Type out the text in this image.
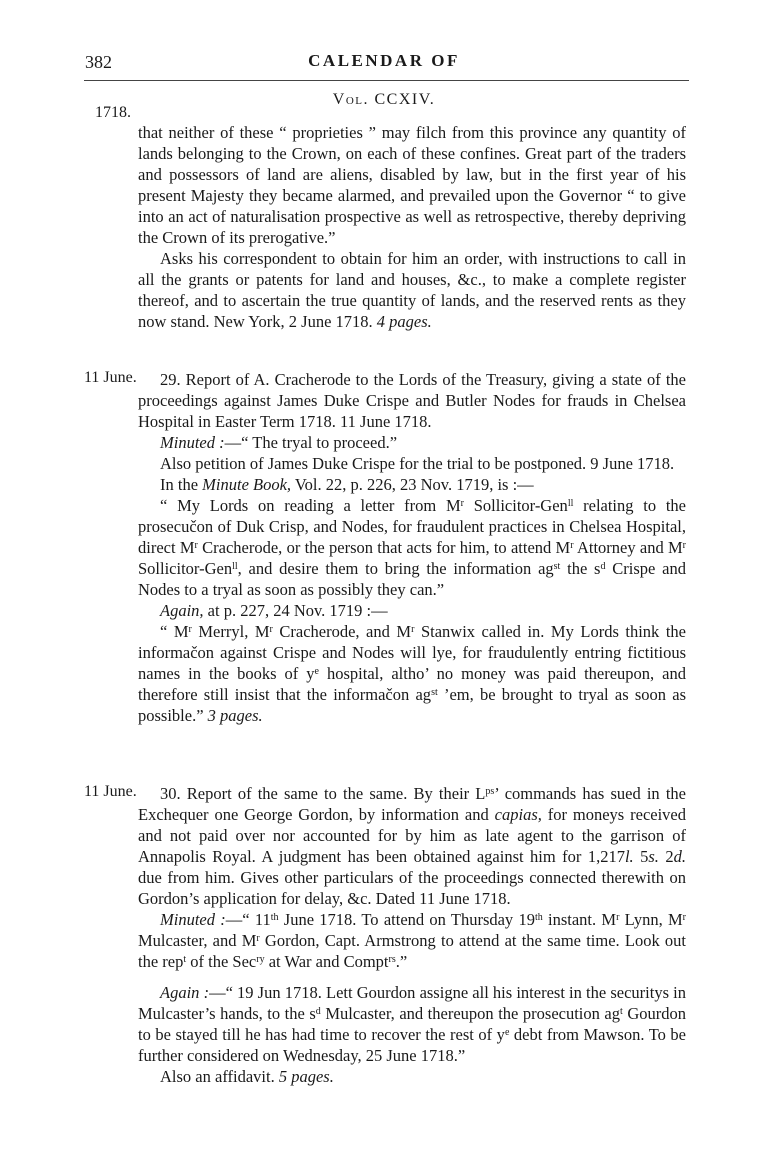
382	CALENDAR OF
Vol. CCXIV.
1718.

that neither of these “ proprieties ” may filch from this province any quantity of lands belonging to the Crown, on each of these confines. Great part of the traders and possessors of land are aliens, disabled by law, but in the first year of his present Majesty they became alarmed, and prevailed upon the Governor “ to give into an act of naturalisation prospective as well as retrospective, thereby depriving the Crown of its prerogative.”

Asks his correspondent to obtain for him an order, with instructions to call in all the grants or patents for land and houses, &c., to make a complete register thereof, and to ascertain the true quantity of lands, and the reserved rents as they now stand. New York, 2 June 1718. 4 pages.

11 June.	29. Report of A. Cracherode to the Lords of the Treasury, giving a state of the proceedings against James Duke Crispe and Butler Nodes for frauds in Chelsea Hospital in Easter Term 1718. 11 June 1718.

Minuted :—“ The tryal to proceed.”

Also petition of James Duke Crispe for the trial to be postponed. 9 June 1718.

In the Minute Book, Vol. 22, p. 226, 23 Nov. 1719, is :—

“ My Lords on reading a letter from $M^r$ Sollicitor-Gen$^{ll}$ relating to the prosecučon of Duk Crisp, and Nodes, for fraudulent practices in Chelsea Hospital, direct $M^r$ Cracherode, or the person that acts for him, to attend $M^r$ Attorney and $M^r$ Sollicitor-Gen$^{ll}$, and desire them to bring the information $ag^{st}$ the $s^d$ Crispe and Nodes to a tryal as soon as possibly they can.”

Again, at p. 227, 24 Nov. 1719 :—

“ $M^r$ Merryl, $M^r$ Cracherode, and $M^r$ Stanwix called in. My Lords think the informačon against Crispe and Nodes will lye, for fraudulently entring fictitious names in the books of $y^e$ hospital, altho’ no money was paid thereupon, and therefore still insist that the informačon $ag^{st}$ ’em, be brought to tryal as soon as possible.” 3 pages.

11 June.	30. Report of the same to the same. By their $L^{ps}$’ commands has sued in the Exchequer one George Gordon, by information and capias, for moneys received and not paid over nor accounted for by him as late agent to the garrison of Annapolis Royal. A judgment has been obtained against him for 1,217l. 5s. 2d. due from him. Gives other particulars of the proceedings connected therewith on Gordon’s application for delay, &c. Dated 11 June 1718.

Minuted :—“ 11th June 1718. To attend on Thursday 19th instant. $M^r$ Lynn, $M^r$ Mulcaster, and $M^r$ Gordon, Capt. Armstrong to attend at the same time. Look out the rep$^t$ of the Sec$^{ry}$ at War and Compt$^{rs}$.”

Again :—“ 19 Jun 1718. Lett Gourdon assigne all his interest in the securitys in Mulcaster’s hands, to the $s^d$ Mulcaster, and thereupon the prosecution $ag^t$ Gourdon to be stayed till he has had time to recover the rest of $y^e$ debt from Mawson. To be further considered on Wednesday, 25 June 1718.”

Also an affidavit. 5 pages.
